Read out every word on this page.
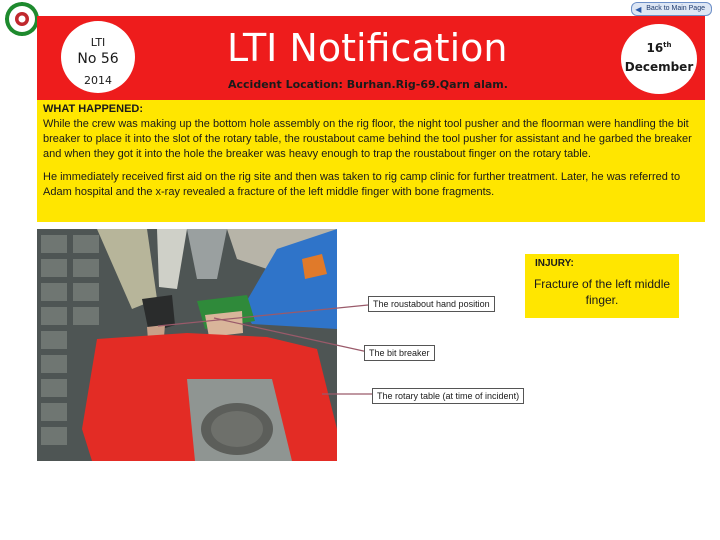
◀ Back to Main Page
LTI
No 56
2014
LTI Notification
Accident Location: Burhan.Rig-69.Qarn alam.
16th
December
WHAT HAPPENED:

While the crew was making up the bottom hole assembly on the rig floor, the night tool pusher and the floorman were handling the bit breaker to place it into the slot of the rotary table, the roustabout came behind the tool pusher for assistant and he garbed the breaker and when they got it into the hole the breaker was heavy enough to trap the roustabout finger on the rotary table.

He immediately received first aid on the rig site and then was taken to rig camp clinic for further treatment. Later, he was referred to Adam hospital and the x-ray revealed a fracture of the left middle finger with bone fragments.

The roustabout hand position
The bit breaker
The rotary table (at time of incident)
INJURY:
Fracture of the left middle finger.
